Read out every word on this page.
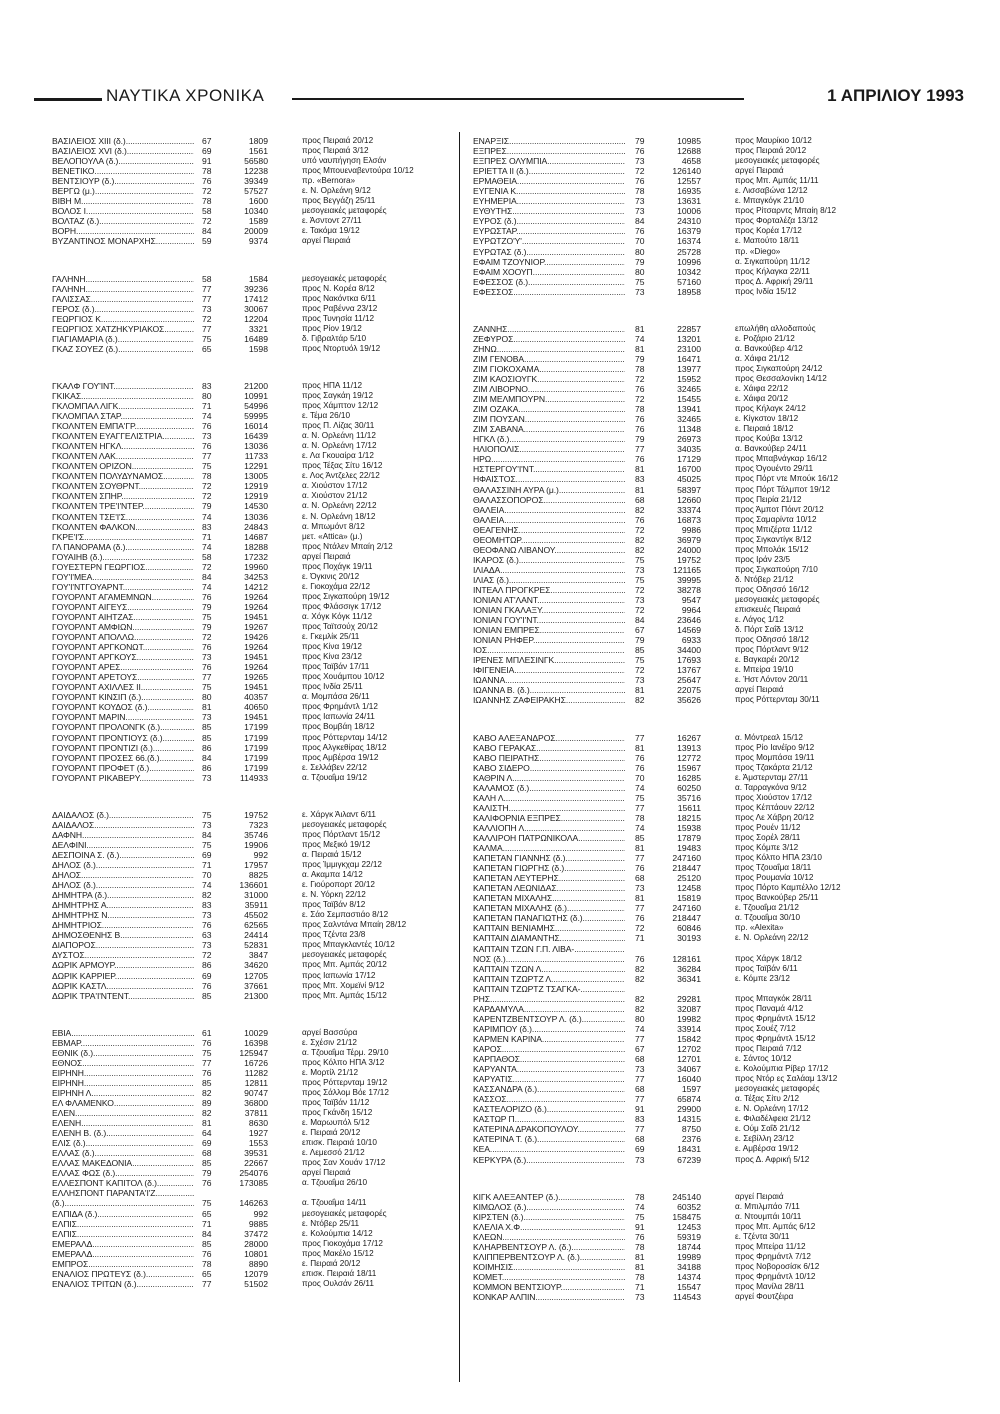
ΝΑΥΤΙΚΑ ΧΡΟΝΙΚΑ	1 ΑΠΡΙΛΙΟΥ 1993
ΒΑΣΙΛΕΙΟΣ XIII (δ.) .....	67	1809	προς Πειραιά 20/12
ΒΑΣΙΛΕΙΟΣ XVI (δ.) .....	69	1561	προς Πειραιά 3/12
ΒΕΛΟΠΟΥΛΑ (δ.) .....	91	56580	υπό ναυπήγηση Ελσάν
ΒΕΝΕΤΙΚΟ .....	78	12238	προς Μπουεναβεντούρα 10/12
ΒΕΝΤΣΙΟΥΡ (δ.) .....	76	39349	πρ. «Bernora»
ΒΕΡΓΩ (μ.) .....	72	57527	ε. Ν. Ορλεάνη 9/12
ΒΙΒΗ Μ. .....	78	1600	προς Βεγγάζη 25/11
ΒΟΛΟΣ Ι .....	58	10340	μεσογειακές μεταφορές
ΒΟΛΤΑΖ (δ.) .....	72	1589	ε. Άσντοντ 27/11
ΒΟΡΗ .....	84	20009	ε. Τακόμα 19/12
ΒΥΖΑΝΤΙΝΟΣ ΜΟΝΑΡΧΗΣ .....	59	9374	αργεί Πειραιά
ΓΑΛΗΝΗ .....	58	1584	μεσογειακές μεταφορές
ΓΑΛΗΝΗ .....	77	39236	προς Ν. Κορέα 8/12
ΓΑΛΙΣΣΑΣ .....	77	17412	προς Νακόντκα 6/11
ΓΕΡΟΣ (δ.) .....	73	30067	προς Ραβέννα 23/12
ΓΕΩΡΓΙΟΣ Κ. .....	72	12204	προς Τυνησία 11/12
ΓΕΩΡΓΙΟΣ ΧΑΤΖΗΚΥΡΙΑΚΟΣ .....	77	3321	προς Ρίον 19/12
ΓΙΑΓΙΑΜΑΡΙΑ (δ.) .....	75	16489	δ. Γιβραλτάρ 5/10
ΓΚΑΖ ΣΟΥΕΖ (δ.) .....	65	1598	προς Ντορτυόλ 19/12
ΓΚΑΛΦ ΓΟΥ'ΙΝΤ .....	83	21200	προς ΗΠΑ 11/12
ΓΚΙΚΑΣ .....	80	10991	προς Σαγκάη 19/12
ΓΚΛΟΜΠΑΛ ΛΙΓΚ .....	71	54996	προς Χάμπτον 12/12
ΓΚΛΟΜΠΑΛ ΣΤΑΡ .....	74	59995	ε. Τέμα 26/10
ΓΚΟΛΝΤΕΝ ΕΜΠΑ'ΓΡ .....	76	16014	προς Π. Λίζας 30/11
ΓΚΟΛΝΤΕΝ ΕΥΑΓΓΕΛΙΣΤΡΙΑ .....	73	16439	α. Ν. Ορλεάνη 11/12
ΓΚΟΛΝΤΕΝ ΗΓΚΛ .....	76	13036	α. Ν. Ορλεάνη 17/12
ΓΚΟΛΝΤΕΝ ΛΑΚ .....	77	11733	ε. Λα Γκουαίρα 1/12
ΓΚΟΛΝΤΕΝ ΟΡΙΖΟΝ .....	75	12291	προς Τέξας Σίτυ 16/12
ΓΚΟΛΝΤΕΝ ΠΟΛΥΔΥΝΑΜΟΣ .....	78	13005	ε. Λος Άντζελες 22/12
ΓΚΟΛΝΤΕΝ ΣΟΥΘΡΝΤ .....	72	12919	α. Χιούστον 17/12
ΓΚΟΛΝΤΕΝ ΣΠΗΡ .....	72	12919	α. Χιούστον 21/12
ΓΚΟΛΝΤΕΝ ΤΡΕ'Ι'ΝΤΕΡ .....	79	14530	α. Ν. Ορλεάνη 22/12
ΓΚΟΛΝΤΕΝ ΤΣΕ'Ι'Σ .....	74	13036	ε. Ν. Ορλεάνη 18/12
ΓΚΟΛΝΤΕΝ ΦΑΛΚΟΝ .....	83	24843	α. Μπωμόντ 8/12
ΓΚΡΕ'Ι'Σ .....	71	14687	μετ. «Attica» (μ.)
ΓΛ ΠΑΝΟΡΑΜΑ (δ.) .....	74	18288	προς Ντάλεν Μπαίη 2/12
ΓΟΥΑΙΗΒ (δ.) .....	58	17232	αργεί Πειραιά
ΓΟΥΕΣΤΕΡΝ ΓΕΩΡΓΙΟΣ .....	72	19960	προς Ποχάγκ 19/11
ΓΟΥ'Ι'ΜΕΑ .....	84	34253	ε. Όγκινις 20/12
ΓΟΥ'Ι'ΝΤΓΟΥΑΡΝΤ .....	74	14212	ε. Γιοκοχάμα 22/12
ΓΟΥΟΡΛΝΤ ΑΓΑΜΕΜΝΩΝ .....	76	19264	προς Σιγκαπούρη 19/12
ΓΟΥΟΡΛΝΤ ΑΙΓΕΥΣ .....	79	19264	προς Φλάσσιγκ 17/12
ΓΟΥΟΡΛΝΤ ΑΙΗΤΖΑΣ .....	75	19451	α. Χόγκ Κόγκ 11/12
ΓΟΥΟΡΛΝΤ ΑΜΦΙΩΝ .....	79	19267	προς Ταϊτσούχ 20/12
ΓΟΥΟΡΛΝΤ ΑΠΟΛΛΩ .....	72	19426	ε. Γκεμλίκ 25/11
ΓΟΥΟΡΛΝΤ ΑΡΓΚΟΝΩΤ .....	76	19264	προς Κίνα 19/12
ΓΟΥΟΡΛΝΤ ΑΡΓΚΟΥΣ .....	73	19451	προς Κίνα 23/12
ΓΟΥΟΡΛΝΤ ΑΡΕΣ .....	76	19264	προς Ταϊβάν 17/11
ΓΟΥΟΡΛΝΤ ΑΡΕΤΟΥΣ .....	77	19265	προς Χουάμπου 10/12
ΓΟΥΟΡΛΝΤ ΑΧΙΛΛΕΣ ΙΙ .....	75	19451	προς Ινδία 25/11
ΓΟΥΟΡΛΝΤ ΚΙΝΣΙΠ (δ.) .....	80	40357	α. Μομπάσα 26/11
ΓΟΥΟΡΛΝΤ ΚΟΥΔΟΣ (δ.) .....	81	40650	προς Φρημάντλ 1/12
ΓΟΥΟΡΛΝΤ ΜΑΡΙΝ .....	73	19451	προς Ιαπωνία 24/11
ΓΟΥΟΡΛΝΤ ΠΡΟΛΟΝΓΚ (δ.) .....	85	17199	προς Βομβάη 18/12
ΓΟΥΟΡΛΝΤ ΠΡΟΝΤΙΟΥΣ (δ.) .....	85	17199	προς Ρόττερνταμ 14/12
ΓΟΥΟΡΛΝΤ ΠΡΟΝΤΙΖΙ (δ.) .....	86	17199	προς Αλγκεθίρας 18/12
ΓΟΥΟΡΛΝΤ ΠΡΟΣΕΣ 66.(δ.) .....	84	17199	προς Αμβέρσα 19/12
ΓΟΥΟΡΛΝΤ ΠΡΟΦΕΤ (δ.) .....	86	17199	ε. Σελλάβεν 22/12
ΓΟΥΟΡΛΝΤ ΡΙΚΑΒΕΡΥ .....	73	114933	α. Τζουαΐμα 19/12
ΔΑΙΔΑΛΟΣ (δ.) .....	75	19752	ε. Χάργκ Άιλαντ 6/11
ΔΑΙΔΑΛΟΣ .....	73	7323	μεσογειακές μεταφορές
ΔΑΦΝΗ .....	84	35746	προς Πόρτλαντ 15/12
ΔΕΛΦΙΝΙ .....	75	19906	προς Μεξικό 19/12
ΔΕΣΠΟΙΝΑ Σ. (δ.) .....	69	992	α. Πειραιά 15/12
ΔΗΛΟΣ (δ.) .....	71	17957	προς Ίμμιγκχαμ 22/12
ΔΗΛΟΣ .....	70	8825	α. Ακαμπα 14/12
ΔΗΛΟΣ (δ.) .....	74	136601	ε. Γιούροπορτ 20/12
ΔΗΜΗΤΡΑ (δ.) .....	82	31000	ε. Ν. Υόρκη 22/12
ΔΗΜΗΤΡΗΣ Α. .....	83	35911	προς Ταϊβάν 8/12
ΔΗΜΗΤΡΗΣ Ν. .....	73	45502	ε. Σάο Σεμπαστιάο 8/12
ΔΗΜΗΤΡΙΟΣ .....	76	62565	προς Σαλντάνα Μπαίη 28/12
ΔΗΜΟΣΘΕΝΗΣ Β. .....	63	24414	προς Τζέντα 23/8
ΔΙΑΠΟΡΟΣ .....	73	52831	προς Μπαγκλαντές 10/12
ΔΥΣΤΟΣ .....	72	3847	μεσογειακές μεταφορές
ΔΩΡΙΚ ΑΡΜΟΥΡ .....	86	34620	προς Μπ. Αμπάς 20/12
ΔΩΡΙΚ ΚΑΡΡΙΕΡ .....	69	12705	προς Ιαπωνία 17/12
ΔΩΡΙΚ ΚΑΣΤΛ .....	76	37661	προς Μπ. Χομεϊνί 9/12
ΔΩΡΙΚ ΤΡΑ'Ι'ΝΤΕΝΤ .....	85	21300	προς Μπ. Αμπάς 15/12
ΕΒΙΑ .....	61	10029	αργεί Βασσύρα
ΕΒΜΑΡ .....	76	16398	ε. Σχέσιν 21/12
ΕΘΝΙΚ (δ.) .....	75	125947	α. Τζουαΐμα Τέρμ. 29/10
ΕΘΝΟΣ .....	77	16726	προς Κόλπο ΗΠΑ 3/12
ΕΙΡΗΝΗ .....	76	11282	ε. Μορτίλ 21/12
ΕΙΡΗΝΗ .....	85	12811	προς Ρόττερνταμ 19/12
ΕΙΡΗΝΗ Λ. .....	82	90747	προς Σάλλομ Βόε 17/12
ΕΛ ΦΛΑΜΕΝΚΟ .....	89	36800	προς Ταϊβάν 11/12
ΕΛΕΝ .....	82	37811	προς Γκάνδη 15/12
ΕΛΕΝΗ .....	81	8630	ε. Μαρωυπόλ 5/12
ΕΛΕΝΗ Β. (δ.) .....	64	1927	ε. Πειραιά 20/12
ΕΛΙΣ (δ.) .....	69	1553	επισκ. Πειραιά 10/10
ΕΛΛΑΣ (δ.) .....	68	39531	ε. Λεμεσσό 21/12
ΕΛΛΑΣ ΜΑΚΕΔΟΝΙΑ .....	85	22667	προς Σαν Χουάν 17/12
ΕΛΛΑΣ ΦΩΣ (δ.) .....	79	254076	αργεί Πειραιά
ΕΛΛΕΣΠΟΝΤ ΚΑΠΙΤΟΛ (δ.) .....	76	173085	α. Τζουαΐμα 26/10
ΕΛΛΗΣΠΟΝΤ ΠΑΡΑΝΤΑ'Ι'Ζ .....
(δ.) .....	75	146263	α. Τζουαΐμα 14/11
ΕΛΠΙΔΑ (δ.) .....	65	992	μεσογειακές μεταφορές
ΕΛΠΙΣ .....	71	9885	ε. Ντόβερ 25/11
ΕΛΠΙΣ .....	84	37472	ε. Κολούμπια 14/12
ΕΜΕΡΑΛΔ .....	85	28000	προς Γιοκοχάμα 17/12
ΕΜΕΡΑΛΔ .....	76	10801	προς Μακέλο 15/12
ΕΜΠΡΟΣ .....	78	8890	ε. Πειραιά 20/12
ΕΝΑΛΙΟΣ ΠΡΩΤΕΥΣ (δ.) .....	65	12079	επισκ. Πειραιά 18/11
ΕΝΑΛΙΟΣ ΤΡΙΤΩΝ (δ.) .....	77	51502	προς Ουλσάν 26/11
ΕΝΑΡΞΙΣ .....	79	10985	προς Μαυρίκιο 10/12
ΕΞΠΡΕΣ .....	76	12688	προς Πειραιά 20/12
ΕΞΠΡΕΣ ΟΛΥΜΠΙΑ .....	73	4658	μεσογειακές μεταφορές
ΕΡΙΕΤΤΑ ΙΙ (δ.) .....	72	126140	αργεί Πειραιά
ΕΡΜΑΘΕΙΑ .....	76	12557	προς Μπ. Αμπάς 11/11
ΕΥΓΕΝΙΑ Κ. .....	78	16935	ε. Λισσαβώνα 12/12
ΕΥΗΜΕΡΙΑ .....	73	13631	ε. Μπαγκόγκ 21/10
ΕΥΘΥΤΗΣ .....	73	10006	προς Ρίτσαρντς Μπαίη 8/12
ΕΥΡΟΣ (δ.) .....	84	24310	προς Φορταλέζα 13/12
ΕΥΡΩΣΤΑΡ .....	76	16379	προς Κορέα 17/12
ΕΥΡΩΤΖΟ'Υ' .....	70	16374	ε. Μαπούτο 18/11
ΕΥΡΩΤΑΣ (δ.) .....	80	25728	πρ. «Diego»
ΕΦΑΙΜ ΤΖΟΥΝΙΟΡ .....	79	10996	α. Σιγκαπούρη 11/12
ΕΦΑΙΜ ΧΟΟΥΠ .....	80	10342	προς Κήλαγκα 22/11
ΕΦΕΣΣΟΣ (δ.) .....	75	57160	προς Δ. Αφρική 29/11
ΕΦΕΣΣΟΣ .....	73	18958	προς Ινδία 15/12
ΖΑΝΝΗΣ .....	81	22857	επωλήθη αλλοδαπούς
ΖΕΦΥΡΟΣ .....	74	13201	ε. Ροζάριο 21/12
ΖΗΝΩ .....	81	23100	α. Βανκούβερ 4/12
ΖΙΜ ΓΕΝΟΒΑ .....	79	16471	α. Χάιφα 21/12
ΖΙΜ ΓΙΟΚΟΧΑΜΑ .....	78	13977	προς Σιγκαπούρη 24/12
ΖΙΜ ΚΑΟΣΙΟΥΓΚ .....	72	15952	προς Θεσσαλονίκη 14/12
ΖΙΜ ΛΙΒΟΡΝΟ .....	76	32465	ε. Χάιφα 22/12
ΖΙΜ ΜΕΛΜΠΟΥΡΝ .....	72	15455	ε. Χάιφα 20/12
ΖΙΜ ΟΖΑΚΑ .....	78	13941	προς Κήλαγκ 24/12
ΖΙΜ ΠΟΥΣΑΝ .....	76	32465	ε. Κίγκστον 18/12
ΖΙΜ ΣΑΒΑΝΑ .....	76	11348	ε. Πειραιά 18/12
ΗΓΚΛ (δ.) .....	79	26973	προς Κούβα 13/12
ΗΛΙΟΠΟΛΙΣ .....	77	34035	α. Βανκούβερ 24/11
ΗΡΩ .....	76	17129	προς Μπαβνάγκαρ 16/12
ΗΣΤΕΡΓΟΥ'Ι'ΝΤ .....	81	16700	προς Όγουέντο 29/11
ΗΦΑΙΣΤΟΣ .....	83	45025	προς Πόρτ ντε Μπούκ 16/12
ΘΑΛΑΣΣΙΝΗ ΑΥΡΑ (μ.) .....	81	58397	προς Πόρτ Τάλμποτ 19/12
ΘΑΛΑΣΣΟΠΟΡΟΣ .....	68	12660	προς Πειρία 21/12
ΘΑΛΕΙΑ .....	82	33374	προς Άμποτ Πόιντ 20/12
ΘΑΛΕΙΑ .....	76	16873	προς Σαμαρίντα 10/12
ΘΕΑΓΕΝΗΣ .....	72	9986	προς Μπιζέρτα 11/12
ΘΕΟΜΗΤΩΡ .....	82	36979	προς Σιγκαντίγκ 8/12
ΘΕΟΦΑΝΩ ΛΙΒΑΝΟΥ .....	82	24000	προς Μπολάκ 15/12
ΙΚΑΡΟΣ (δ.) .....	75	19752	προς Ιράν 23/5
ΙΛΙΑΔΑ .....	73	121165	προς Σιγκαπούρη 7/10
ΙΛΙΑΣ (δ.) .....	75	39995	δ. Ντόβερ 21/12
ΙΝΤΕΑΛ ΠΡΟΓΚΡΕΣ .....	72	38278	προς Οδησσό 16/12
ΙΟΝΙΑΝ ΑΤ'ΛΑΝΤ .....	73	9547	μεσογειακές μεταφορές
ΙΟΝΙΑΝ ΓΚΑΛΑΞΥ .....	72	9964	επισκευές Πειραιά
ΙΟΝΙΑΝ ΓΟΥ'Ι'ΝΤ .....	84	23646	ε. Λάγος 1/12
ΙΟΝΙΑΝ ΕΜΠΡΕΣ .....	67	14569	δ. Πόρτ Σαΐδ 13/12
ΙΟΝΙΑΝ ΡΗΦΕΡ .....	79	6933	προς Οδησσό 18/12
ΙΟΣ .....	85	34400	προς Πόρτλαντ 9/12
ΙΡΕΝΕΣ ΜΠΛΕΣΙΝΓΚ .....	75	17693	ε. Βαγκαρέι 20/12
ΙΦΙΓΕΝΕΙΑ .....	72	13767	ε. Μπείρα 19/10
ΙΩΑΝΝΑ .....	73	25647	ε. Ήστ Λόντον 20/11
ΙΩΑΝΝΑ Β. (δ.) .....	81	22075	αργεί Πειραιά
ΙΩΑΝΝΗΣ ΖΑΦΕΙΡΑΚΗΣ .....	82	35626	προς Ρόττερνταμ 30/11
ΚΑΒΟ ΑΛΕΞΑΝΔΡΟΣ .....	77	16267	α. Μόντρεαλ 15/12
ΚΑΒΟ ΓΕΡΑΚΑΣ .....	81	13913	προς Ρίο Ιανέϊρο 9/12
ΚΑΒΟ ΠΕΙΡΑΤΗΣ .....	76	12772	προς Μομπάσα 19/11
ΚΑΒΟ ΣΙΔΕΡΟ .....	76	15967	προς Τζακάρτα 21/12
ΚΑΘΡΙΝ Λ. .....	70	16285	ε. Άμστερνταμ 27/11
ΚΑΛΑΜΟΣ (δ.) .....	74	60250	α. Ταρραγκόνα 9/12
ΚΑΛΗ Λ. .....	75	35716	προς Χιούστον 17/12
ΚΑΛΙΣΤΗ .....	77	15611	προς Κέπτάουν 22/12
ΚΑΛΙΦΟΡΝΙΑ ΕΞΠΡΕΣ .....	78	18215	προς Λε Χάβρη 20/12
ΚΑΛΛΙΟΠΗ Λ. .....	74	15938	προς Ρουέν 11/12
ΚΑΛΛΙΡΟΗ ΠΑΤΡΩΝΙΚΟΛΑ .....	85	17879	προς Σορέλ 28/11
ΚΑΛΜΑ .....	81	19483	προς Κόμπε 3/12
ΚΑΠΕΤΑΝ ΓΙΑΝΝΗΣ (δ.) .....	77	247160	προς Κόλπο ΗΠΑ 23/10
ΚΑΠΕΤΑΝ ΓΙΩΡΓΗΣ (δ.) .....	76	218447	προς Τζουαΐμα 18/11
ΚΑΠΕΤΑΝ ΛΕΥΤΕΡΗΣ .....	68	25120	προς Ρουμανία 10/12
ΚΑΠΕΤΑΝ ΛΕΩΝΙΔΑΣ .....	73	12458	προς Πόρτο Καμπέλλο 12/12
ΚΑΠΕΤΑΝ ΜΙΧΑΛΗΣ .....	81	15819	προς Βανκούβερ 25/11
ΚΑΠΕΤΑΝ ΜΙΧΑΛΗΣ (δ.) .....	77	247160	ε. Τζουαΐμα 21/12
ΚΑΠΕΤΑΝ ΠΑΝΑΓΙΩΤΗΣ (δ.) .....	76	218447	α. Τζουαΐμα 30/10
ΚΑΠΤΑΙΝ ΒΕΝΙΑΜΗΣ .....	72	60846	πρ. «Alexita»
ΚΑΠΤΑΙΝ ΔΙΑΜΑΝΤΗΣ .....	71	30193	ε. Ν. Ορλεάνη 22/12
ΚΑΠΤΑΙΝ ΤΖΩΝ Γ.Π. ΛΙΒΑ- .....
ΝΟΣ (δ.) .....	76	128161	προς Χάργκ 18/12
ΚΑΠΤΑΙΝ ΤΖΩΝ Λ. .....	82	36284	προς Ταϊβάν 6/11
ΚΑΠΤΑΙΝ ΤΖΩΡΤΖ Λ. .....	82	36341	ε. Κόμπε 23/12
ΚΑΠΤΑΙΝ ΤΖΩΡΤΖ ΤΣΑΓΚΑ- .....
ΡΗΣ .....	82	29281	προς Μπαγκόκ 28/11
ΚΑΡΔΑΜΥΛΑ .....	82	32087	προς Παναμά 4/12
ΚΑΡΕΝΤΖΒΕΝΤΣΟΥΡ Λ. (δ.) .....	80	19982	προς Φρημάντλ 15/12
ΚΑΡΙΜΠΟΥ (δ.) .....	74	33914	προς Σουέζ 7/12
ΚΑΡΜΕΝ ΚΑΡΙΝΑ .....	77	15842	προς Φρημάντλ 15/12
ΚΑΡΟΣ .....	67	12702	προς Πειραιά 7/12
ΚΑΡΠΑΘΟΣ .....	68	12701	ε. Σάντος 10/12
ΚΑΡΥΑΝΤΑ .....	73	34067	ε. Κολούμπια Ρίβερ 17/12
ΚΑΡΥΑΤΙΣ .....	77	16040	προς Ντόρ ες Σαλάαμ 13/12
ΚΑΣΣΑΝΔΡΑ (δ.) .....	68	1597	μεσογειακές μεταφορές
ΚΑΣΣΟΣ .....	77	65874	α. Τέξας Σίτυ 2/12
ΚΑΣΤΕΛΟΡΙΖΟ (δ.) .....	91	29900	ε. Ν. Ορλεάνη 17/12
ΚΑΣΤΩΡ Π. .....	83	14315	ε. Φιλαδέλφεια 21/12
ΚΑΤΕΡΙΝΑ ΔΡΑΚΟΠΟΥΛΟΥ .....	77	8750	ε. Ούμ Σαΐδ 21/12
ΚΑΤΕΡΙΝΑ Τ. (δ.) .....	68	2376	ε. Σεβίλλη 23/12
ΚΕΑ .....	69	18431	ε. Αμβέρσα 19/12
ΚΕΡΚΥΡΑ (δ.) .....	73	67239	προς Δ. Αφρική 5/12
ΚΙΓΚ ΑΛΕΞΑΝΤΕΡ (δ.) .....	78	245140	αργεί Πειραιά
ΚΙΜΩΛΟΣ (δ.) .....	74	60352	α. Μπιλμπάο 7/11
ΚΙΡΣΤΕΝ (δ.) .....	75	158475	α. Ντουμπάι 10/11
ΚΛΕΛΙΑ Χ.Φ. .....	91	12453	προς Μπ. Αμπάς 6/12
ΚΛΕΩΝ .....	76	59319	ε. Τζέντα 30/11
ΚΛΗΑΡΒΕΝΤΣΟΥΡ Λ. (δ.) .....	78	18744	προς Μπείρα 11/12
ΚΛΙΠΠΕΡΒΕΝΤΣΟΥΡ Λ. (δ.) .....	81	19989	προς Φρημάντλ 7/12
ΚΟΙΜΗΣΙΣ .....	81	34188	προς Νοβοροσίσκ 6/12
ΚΟΜΕΤ .....	78	14374	προς Φρημάντλ 10/12
ΚΟΜΜΟΝ ΒΕΝΤΣΙΟΥΡ .....	71	15547	προς Μανίλα 28/11
ΚΟΝΚΑΡ ΑΛΠΙΝ .....	73	114543	αργεί Φουτζέιρα
